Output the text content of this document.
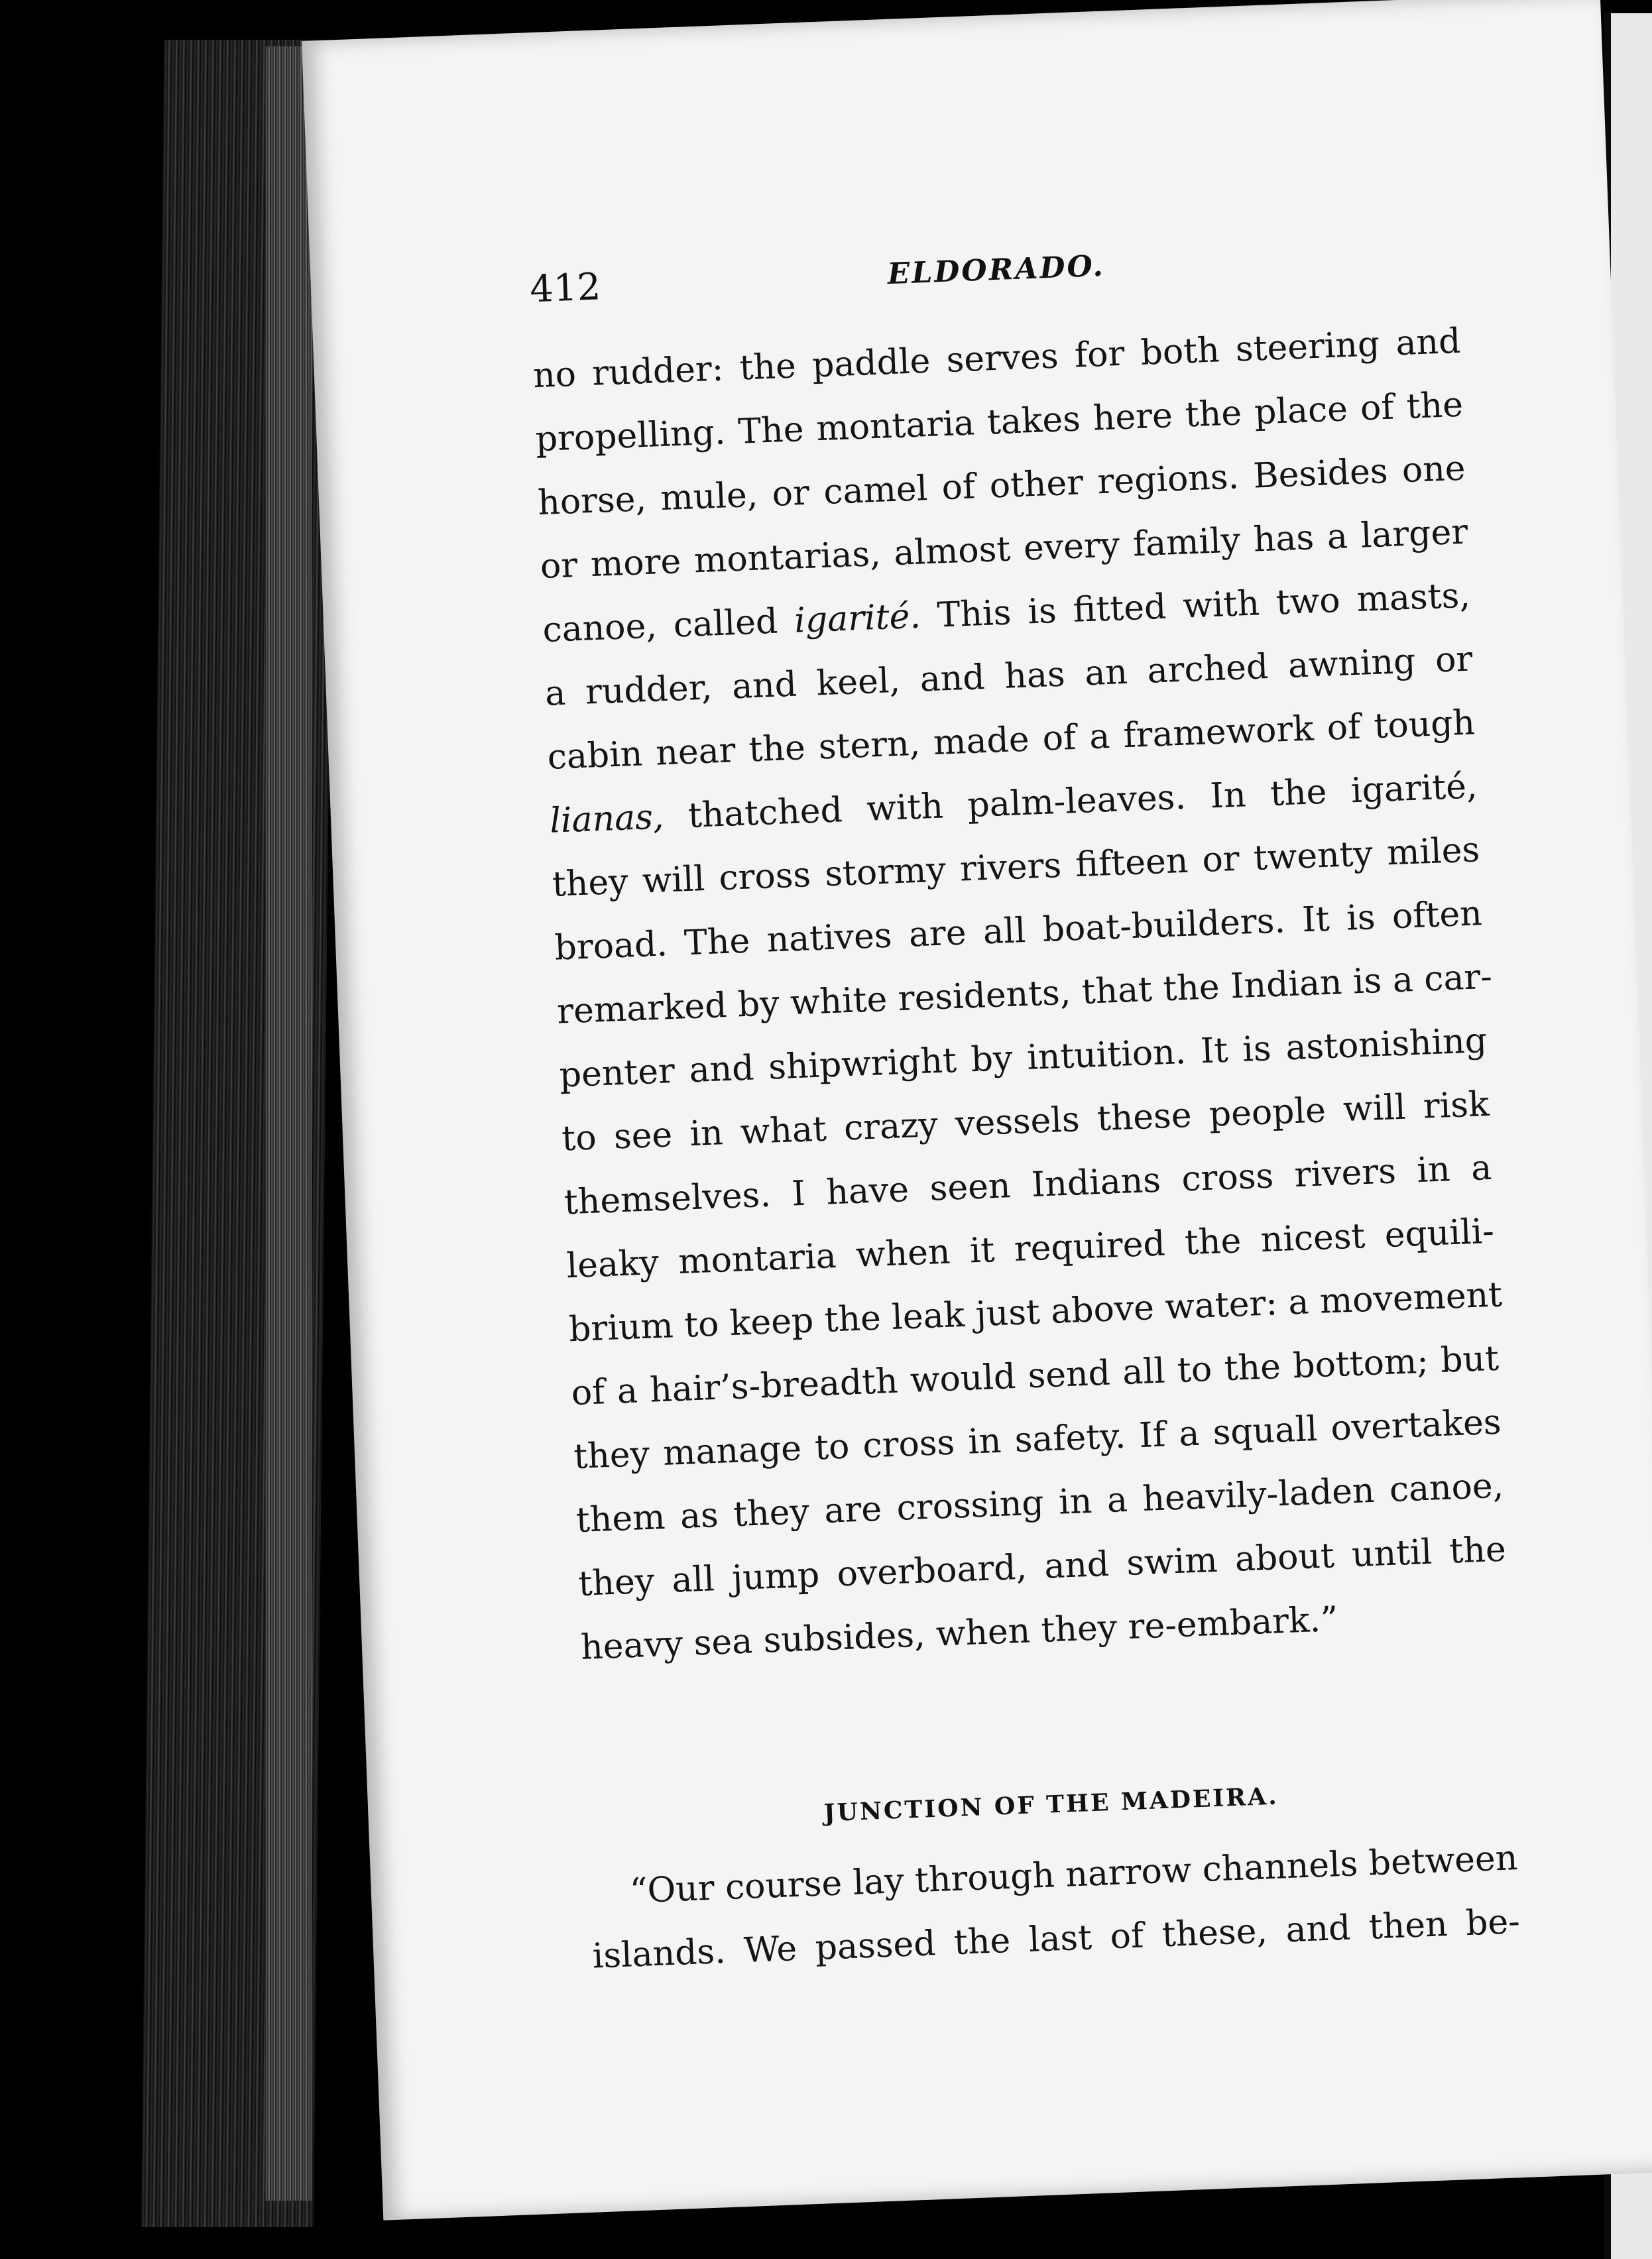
412	ELDORADO.
no rudder: the paddle serves for both steering and
propelling. The montaria takes here the place of the
horse, mule, or camel of other regions. Besides one
or more montarias, almost every family has a larger
canoe, called igarité. This is fitted with two masts,
a rudder, and keel, and has an arched awning or
cabin near the stern, made of a framework of tough
lianas, thatched with palm-leaves. In the igarité,
they will cross stormy rivers fifteen or twenty miles
broad. The natives are all boat-builders. It is often
remarked by white residents, that the Indian is a car-
penter and shipwright by intuition. It is astonishing
to see in what crazy vessels these people will risk
themselves. I have seen Indians cross rivers in a
leaky montaria when it required the nicest equili-
brium to keep the leak just above water: a movement
of a hair’s-breadth would send all to the bottom; but
they manage to cross in safety. If a squall overtakes
them as they are crossing in a heavily-laden canoe,
they all jump overboard, and swim about until the
heavy sea subsides, when they re-embark.”
JUNCTION OF THE MADEIRA.
“Our course lay through narrow channels between
islands. We passed the last of these, and then be-
